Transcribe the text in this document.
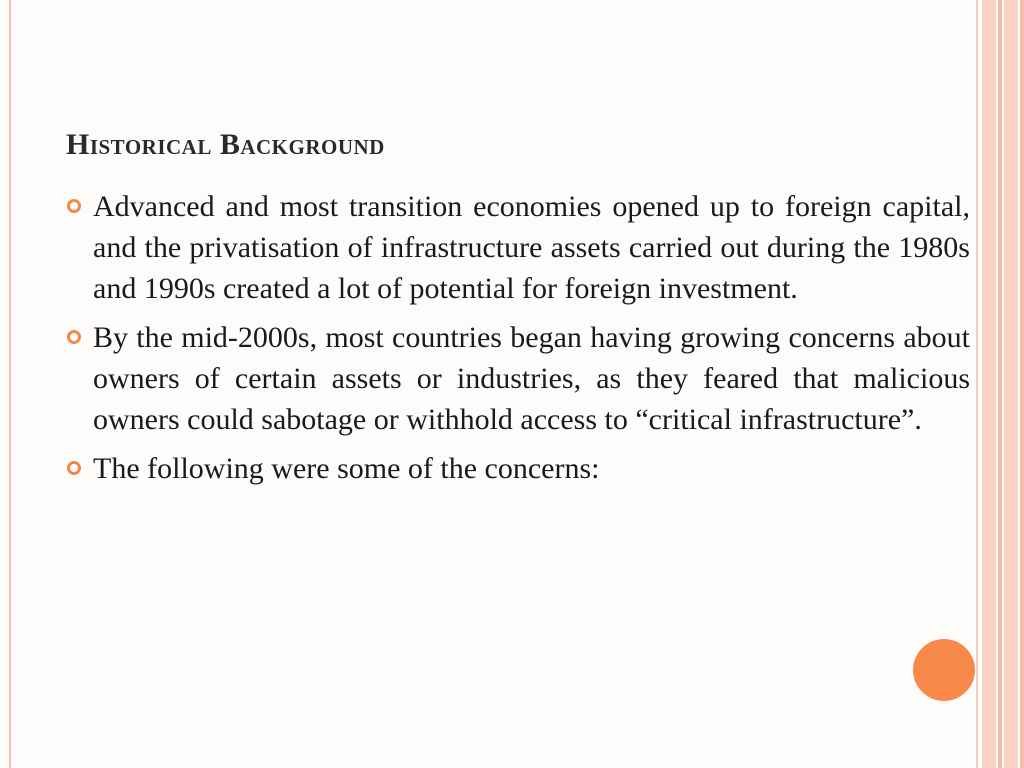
Historical Background
Advanced and most transition economies opened up to foreign capital, and the privatisation of infrastructure assets carried out during the 1980s and 1990s created a lot of potential for foreign investment.
By the mid-2000s, most countries began having growing concerns about owners of certain assets or industries, as they feared that malicious owners could sabotage or withhold access to “critical infrastructure”.
The following were some of the concerns:
